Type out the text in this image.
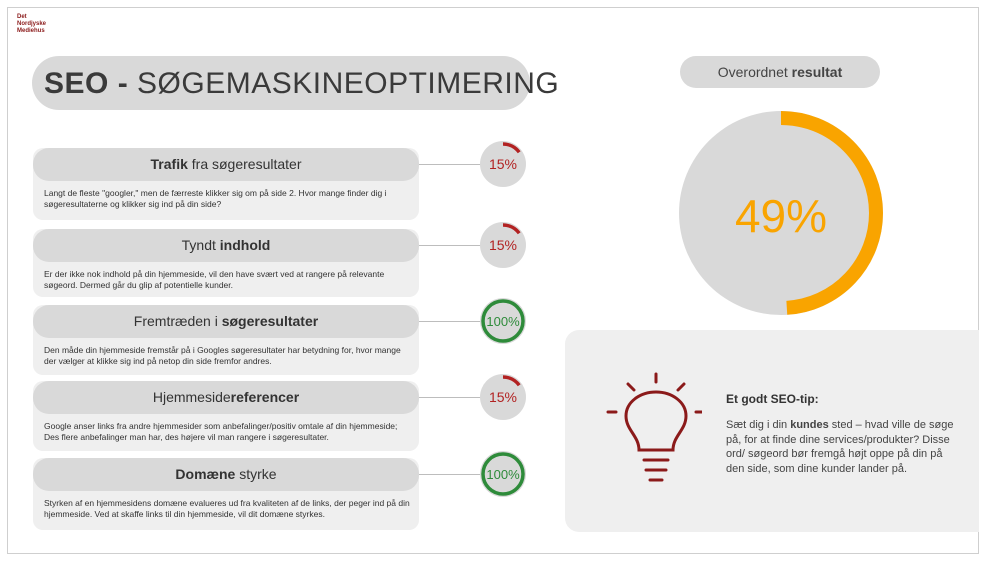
Det
Nordjyske
Mediehus
SEO - SØGEMASKINEOPTIMERING
Trafik fra søgeresultater
Langt de fleste "googler," men de færreste klikker sig om på side 2. Hvor mange finder dig i søgeresultaterne og klikker sig ind på din side?
15%
Tyndt indhold
Er der ikke nok indhold på din hjemmeside, vil den have svært ved at rangere på relevante søgeord. Dermed går du glip af potentielle kunder.
15%
Fremtræden i søgeresultater
Den måde din hjemmeside fremstår på i Googles søgeresultater har betydning for, hvor mange der vælger at klikke sig ind på netop din side fremfor andres.
100%
Hjemmesidereferencer
Google anser links fra andre hjemmesider som anbefalinger/positiv omtale af din hjemmeside; Des flere anbefalinger man har, des højere vil man rangere i søgeresultater.
15%
Domæne styrke
Styrken af en hjemmesidens domæne evalueres ud fra kvaliteten af de links, der peger ind på din hjemmeside. Ved at skaffe links til din hjemmeside, vil dit domæne styrkes.
100%
Overordnet resultat
49%
Et godt SEO-tip:
Sæt dig i din kundes sted – hvad ville de søge på, for at finde dine services/produkter? Disse ord/ søgeord bør fremgå højt oppe på din på den side, som dine kunder lander på.
